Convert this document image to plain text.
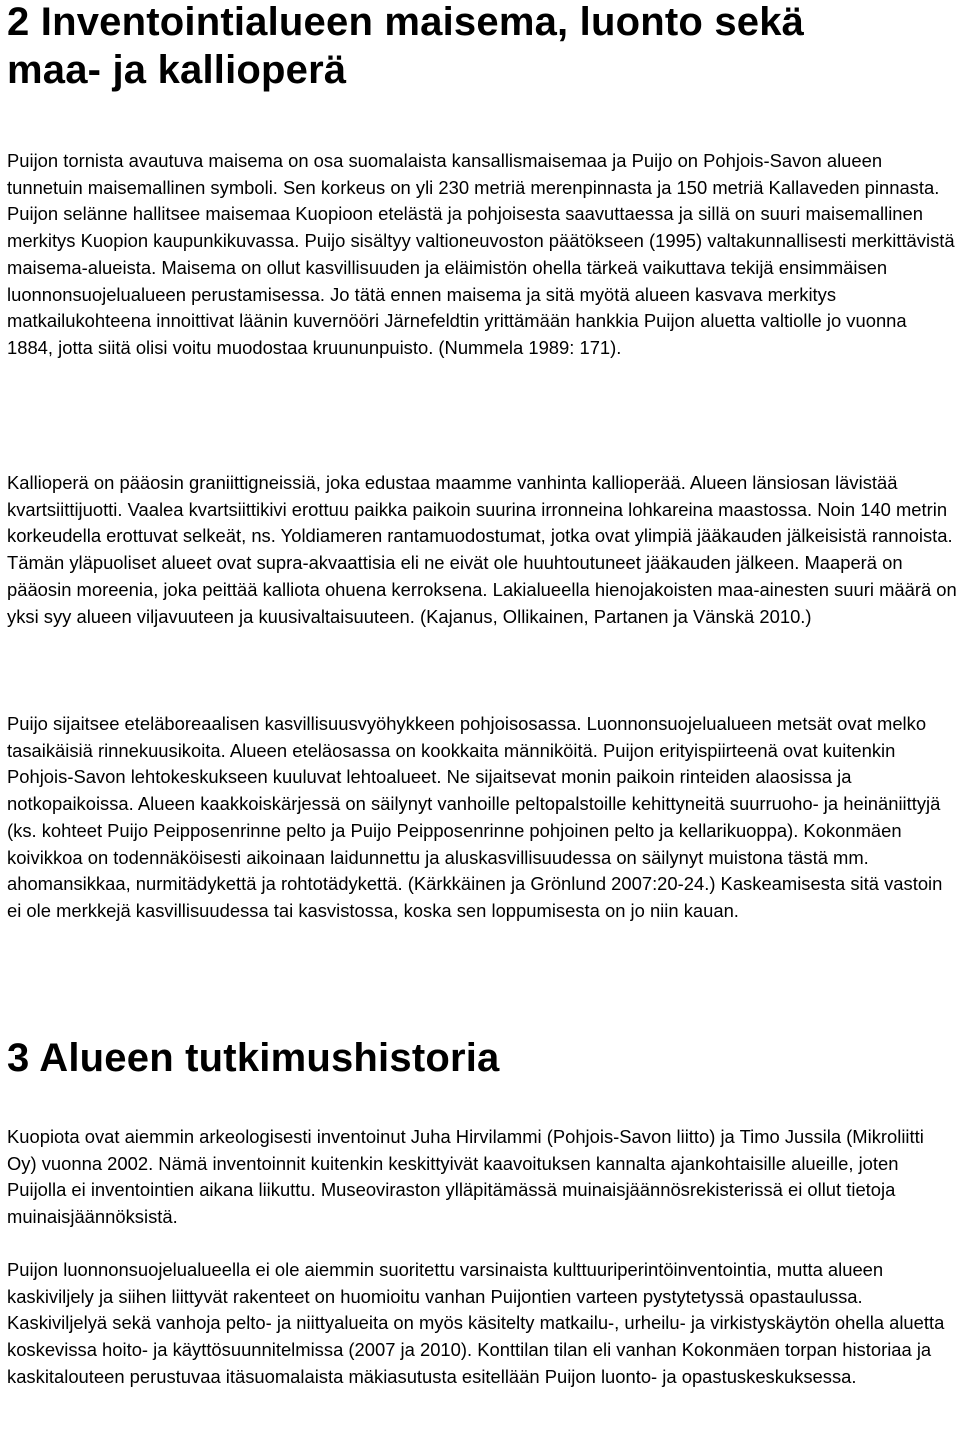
2 Inventointialueen maisema, luonto sekä
maa- ja kallioperä

Puijon tornista avautuva maisema on osa suomalaista kansallismaisemaa ja Puijo on Pohjois-Savon alueen tunnetuin maisemallinen symboli. Sen korkeus on yli 230 metriä merenpinnasta ja 150 metriä Kallaveden pinnasta. Puijon selänne hallitsee maisemaa Kuopioon etelästä ja pohjoisesta saavuttaessa ja sillä on suuri maisemallinen merkitys Kuopion kaupunkikuvassa. Puijo sisältyy valtioneuvoston päätökseen (1995) valtakunnallisesti merkittävistä maisema-alueista. Maisema on ollut kasvillisuuden ja eläimistön ohella tärkeä vaikuttava tekijä ensimmäisen luonnonsuojelualueen perustamisessa. Jo tätä ennen maisema ja sitä myötä alueen kasvava merkitys matkailukohteena innoittivat läänin kuvernööri Järnefeldtin yrittämään hankkia Puijon aluetta valtiolle jo vuonna 1884, jotta siitä olisi voitu muodostaa kruununpuisto. (Nummela 1989: 171).

Kallioperä on pääosin graniittigneissiä, joka edustaa maamme vanhinta kallioperää. Alueen länsiosan lävistää kvartsiittijuotti. Vaalea kvartsiittikivi erottuu paikka paikoin suurina irronneina lohkareina maastossa. Noin 140 metrin korkeudella erottuvat selkeät, ns. Yoldiameren rantamuodostumat, jotka ovat ylimpiä jääkauden jälkeisistä rannoista. Tämän yläpuoliset alueet ovat supra-akvaattisia eli ne eivät ole huuhtoutuneet jääkauden jälkeen. Maaperä on pääosin moreenia, joka peittää kalliota ohuena kerroksena. Lakialueella hienojakoisten maa-ainesten suuri määrä on yksi syy alueen viljavuuteen ja kuusivaltaisuuteen. (Kajanus, Ollikainen, Partanen ja Vänskä 2010.)

Puijo sijaitsee eteläboreaalisen kasvillisuusvyöhykkeen pohjoisosassa. Luonnonsuojelualueen metsät ovat melko tasaikäisiä rinnekuusikoita. Alueen eteläosassa on kookkaita männiköitä. Puijon erityispiirteenä ovat kuitenkin Pohjois-Savon lehtokeskukseen kuuluvat lehtoalueet. Ne sijaitsevat monin paikoin rinteiden alaosissa ja notkopaikoissa. Alueen kaakkoiskärjessä on säilynyt vanhoille peltopalstoille kehittyneitä suurruoho- ja heinäniittyjä (ks. kohteet Puijo Peipposenrinne pelto ja Puijo Peipposenrinne pohjoinen pelto ja kellarikuoppa). Kokonmäen koivikkoa on todennäköisesti aikoinaan laidunnettu ja aluskasvillisuudessa on säilynyt muistona tästä mm. ahomansikkaa, nurmitädykettä ja rohtotädykettä. (Kärkkäinen ja Grönlund 2007:20-24.) Kaskeamisesta sitä vastoin ei ole merkkejä kasvillisuudessa tai kasvistossa, koska sen loppumisesta on jo niin kauan.

3 Alueen tutkimushistoria

Kuopiota ovat aiemmin arkeologisesti inventoinut Juha Hirvilammi (Pohjois-Savon liitto) ja Timo Jussila (Mikroliitti Oy) vuonna 2002. Nämä inventoinnit kuitenkin keskittyivät kaavoituksen kannalta ajankohtaisille alueille, joten Puijolla ei inventointien aikana liikuttu. Museoviraston ylläpitämässä muinaisjäännösrekisterissä ei ollut tietoja muinaisjäännöksistä.

Puijon luonnonsuojelualueella ei ole aiemmin suoritettu varsinaista kulttuuriperintöinventointia, mutta alueen kaskiviljely ja siihen liittyvät rakenteet on huomioitu vanhan Puijontien varteen pystytetyssä opastaulussa. Kaskiviljelyä sekä vanhoja pelto- ja niittyalueita on myös käsitelty matkailu-, urheilu- ja virkistyskäytön ohella aluetta koskevissa hoito- ja käyttösuunnitelmissa (2007 ja 2010). Konttilan tilan eli vanhan Kokonmäen torpan historiaa ja kaskitalouteen perustuvaa itäsuomalaista mäkiasutusta esitellään Puijon luonto- ja opastuskeskuksessa.
